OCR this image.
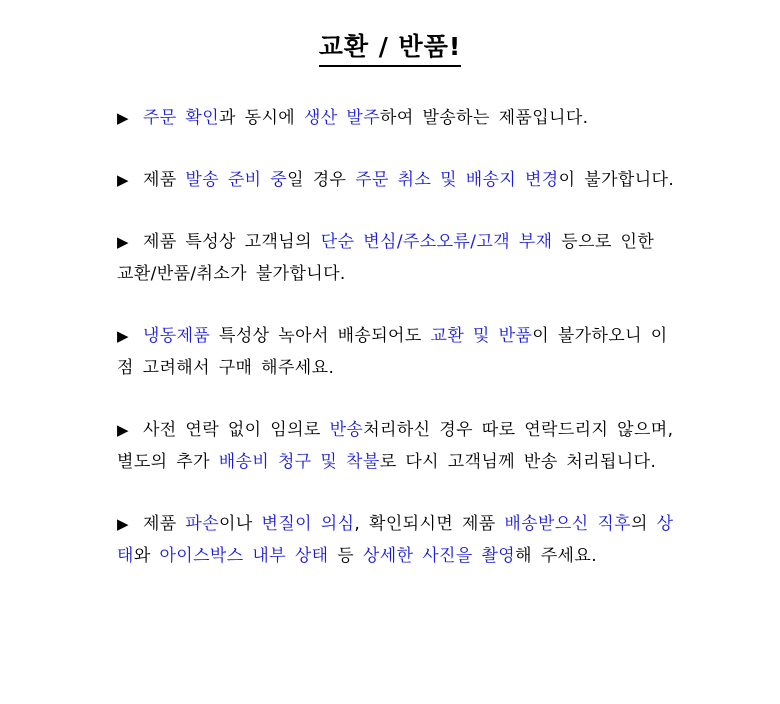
교환 / 반품!

▶ 주문 확인과 동시에 생산 발주하여 발송하는 제품입니다.

▶ 제품 발송 준비 중일 경우 주문 취소 및 배송지 변경이 불가합니다.

▶ 제품 특성상 고객님의 단순 변심/주소오류/고객 부재 등으로 인한 교환/반품/취소가 불가합니다.

▶ 냉동제품 특성상 녹아서 배송되어도 교환 및 반품이 불가하오니 이점 고려해서 구매 해주세요.

▶ 사전 연락 없이 임의로 반송처리하신 경우 따로 연락드리지 않으며, 별도의 추가 배송비 청구 및 착불로 다시 고객님께 반송 처리됩니다.

▶ 제품 파손이나 변질이 의심, 확인되시면 제품 배송받으신 직후의 상태와 아이스박스 내부 상태 등 상세한 사진을 촬영해 주세요.
